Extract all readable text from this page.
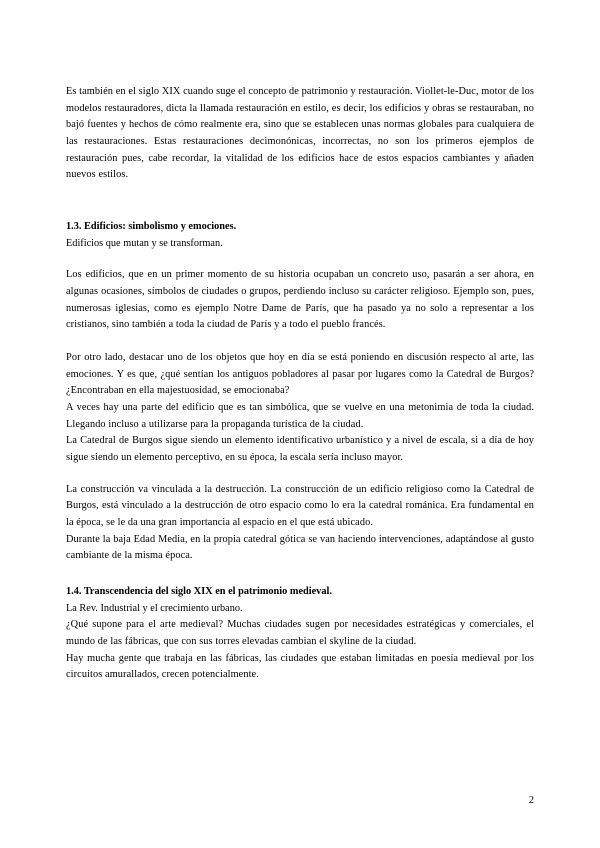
Es también en el siglo XIX cuando suge el concepto de patrimonio y restauración. Viollet-le-Duc, motor de los modelos restauradores, dicta la llamada restauración en estilo, es decir, los edificios y obras se restauraban, no bajó fuentes y hechos de cómo realmente era, sino que se establecen unas normas globales para cualquiera de las restauraciones. Estas restauraciones decimonónicas, incorrectas, no son los primeros ejemplos de restauración pues, cabe recordar, la vitalidad de los edificios hace de estos espacios cambiantes y añaden nuevos estilos.

1.3. Edificios: simbolismo y emociones.

Edificios que mutan y se transforman.

Los edificios, que en un primer momento de su historia ocupaban un concreto uso, pasarán a ser ahora, en algunas ocasiones, símbolos de ciudades o grupos, perdiendo incluso su carácter religioso. Ejemplo son, pues, numerosas iglesias, como es ejemplo Notre Dame de París, que ha pasado ya no solo a representar a los cristianos, sino también a toda la ciudad de París y a todo el pueblo francés.

Por otro lado, destacar uno de los objetos que hoy en día se está poniendo en discusión respecto al arte, las emociones. Y es que, ¿qué sentían los antiguos pobladores al pasar por lugares como la Catedral de Burgos? ¿Encontraban en ella majestuosidad, se emocionaba?

A veces hay una parte del edificio que es tan simbólica, que se vuelve en una metonimia de toda la ciudad. Llegando incluso a utilizarse para la propaganda turística de la ciudad.

La Catedral de Burgos sigue siendo un elemento identificativo urbanístico y a nivel de escala, si a día de hoy sigue siendo un elemento perceptivo, en su época, la escala sería incluso mayor.

La construcción va vinculada a la destrucción. La construcción de un edificio religioso como la Catedral de Burgos, está vinculado a la destrucción de otro espacio como lo era la catedral románica. Era fundamental en la época, se le da una gran importancia al espacio en el que está ubicado.

Durante la baja Edad Media, en la propia catedral gótica se van haciendo intervenciones, adaptándose al gusto cambiante de la misma época.

1.4. Transcendencia del siglo XIX en el patrimonio medieval.

La Rev. Industrial y el crecimiento urbano.

¿Qué supone para el arte medieval? Muchas ciudades sugen por necesidades estratégicas y comerciales, el mundo de las fábricas, que con sus torres elevadas cambian el skyline de la ciudad.

Hay mucha gente que trabaja en las fábricas, las ciudades que estaban limitadas en poesía medieval por los circuitos amurallados, crecen potencialmente.

2
